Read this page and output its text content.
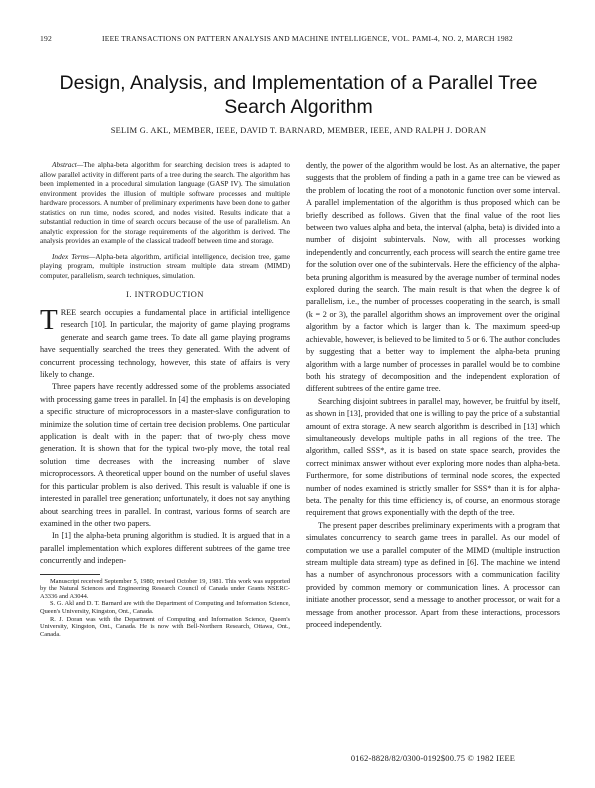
192	IEEE TRANSACTIONS ON PATTERN ANALYSIS AND MACHINE INTELLIGENCE, VOL. PAMI-4, NO. 2, MARCH 1982
Design, Analysis, and Implementation of a Parallel Tree Search Algorithm
SELIM G. AKL, MEMBER, IEEE, DAVID T. BARNARD, MEMBER, IEEE, AND RALPH J. DORAN

Abstract—The alpha-beta algorithm for searching decision trees is adapted to allow parallel activity in different parts of a tree during the search. The algorithm has been implemented in a procedural simulation language (GASP IV). The simulation environment provides the illusion of multiple software processes and multiple hardware processors. A number of preliminary experiments have been done to gather statistics on run time, nodes scored, and nodes visited. Results indicate that a substantial reduction in time of search occurs because of the use of parallelism. An analytic expression for the storage requirements of the algorithm is derived. The analysis provides an example of the classical tradeoff between time and storage.

Index Terms—Alpha-beta algorithm, artificial intelligence, decision tree, game playing program, multiple instruction stream multiple data stream (MIMD) computer, parallelism, search techniques, simulation.

I. INTRODUCTION

TREE search occupies a fundamental place in artificial intelligence research [10]. In particular, the majority of game playing programs generate and search game trees. To date all game playing programs have sequentially searched the trees they generated. With the advent of concurrent processing technology, however, this state of affairs is very likely to change.

Three papers have recently addressed some of the problems associated with processing game trees in parallel. In [4] the emphasis is on developing a specific structure of microprocessors in a master-slave configuration to minimize the solution time of certain tree decision problems. One particular application is dealt with in the paper: that of two-ply chess move generation. It is shown that for the typical two-ply move, the total real solution time decreases with the increasing number of slave microprocessors. A theoretical upper bound on the number of useful slaves for this particular problem is also derived. This result is valuable if one is interested in parallel tree generation; unfortunately, it does not say anything about searching trees in parallel. In contrast, various forms of search are examined in the other two papers.

In [1] the alpha-beta pruning algorithm is studied. It is argued that in a parallel implementation which explores different subtrees of the game tree concurrently and indepen-

Manuscript received September 5, 1980; revised October 19, 1981. This work was supported by the Natural Sciences and Engineering Research Council of Canada under Grants NSERC-A3336 and A3044.

S. G. Akl and D. T. Barnard are with the Department of Computing and Information Science, Queen's University, Kingston, Ont., Canada.

R. J. Doran was with the Department of Computing and Information Science, Queen's University, Kingston, Ont., Canada. He is now with Bell-Northern Research, Ottawa, Ont., Canada.

dently, the power of the algorithm would be lost. As an alternative, the paper suggests that the problem of finding a path in a game tree can be viewed as the problem of locating the root of a monotonic function over some interval. A parallel implementation of the algorithm is thus proposed which can be briefly described as follows. Given that the final value of the root lies between two values alpha and beta, the interval (alpha, beta) is divided into a number of disjoint subintervals. Now, with all processes working independently and concurrently, each process will search the entire game tree for the solution over one of the subintervals. Here the efficiency of the alpha-beta pruning algorithm is measured by the average number of terminal nodes explored during the search. The main result is that when the degree k of parallelism, i.e., the number of processes cooperating in the search, is small (k = 2 or 3), the parallel algorithm shows an improvement over the original algorithm by a factor which is larger than k. The maximum speed-up achievable, however, is believed to be limited to 5 or 6. The author concludes by suggesting that a better way to implement the alpha-beta pruning algorithm with a large number of processes in parallel would be to combine both his strategy of decomposition and the independent exploration of different subtrees of the entire game tree.

Searching disjoint subtrees in parallel may, however, be fruitful by itself, as shown in [13], provided that one is willing to pay the price of a substantial amount of extra storage. A new search algorithm is described in [13] which simultaneously develops multiple paths in all regions of the tree. The algorithm, called SSS*, as it is based on state space search, provides the correct minimax answer without ever exploring more nodes than alpha-beta. Furthermore, for some distributions of terminal node scores, the expected number of nodes examined is strictly smaller for SSS* than it is for alpha-beta. The penalty for this time efficiency is, of course, an enormous storage requirement that grows exponentially with the depth of the tree.

The present paper describes preliminary experiments with a program that simulates concurrency to search game trees in parallel. As our model of computation we use a parallel computer of the MIMD (multiple instruction stream multiple data stream) type as defined in [6]. The machine we intend has a number of asynchronous processors with a communication facility provided by common memory or communication lines. A processor can initiate another processor, send a message to another processor, or wait for a message from another processor. Apart from these interactions, processors proceed independently.

0162-8828/82/0300-0192$00.75 © 1982 IEEE
